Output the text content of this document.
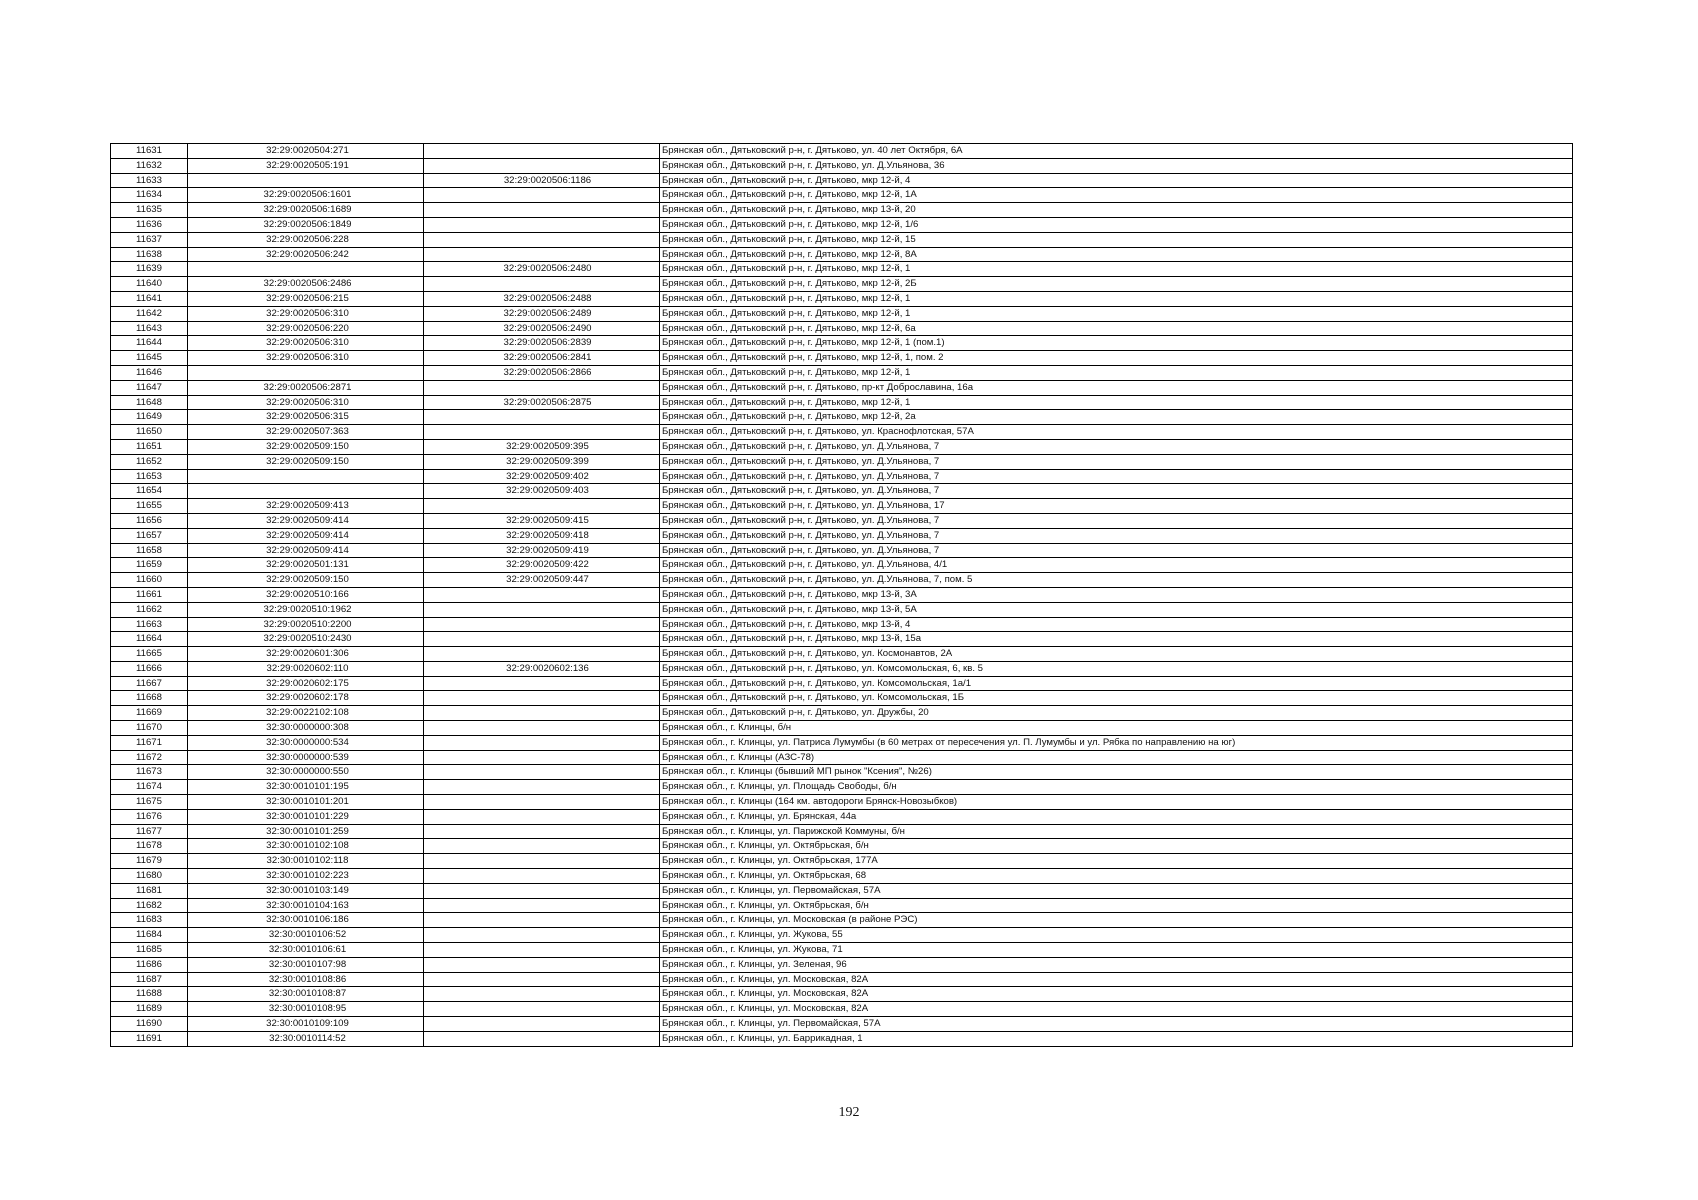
11631	32:29:0020504:271		Брянская обл., Дятьковский р-н, г. Дятьково, ул. 40 лет Октября, 6А
11632	32:29:0020505:191		Брянская обл., Дятьковский р-н, г. Дятьково, ул. Д.Ульянова, 36
11633		32:29:0020506:1186	Брянская обл., Дятьковский р-н, г. Дятьково, мкр 12-й, 4
11634	32:29:0020506:1601		Брянская обл., Дятьковский р-н, г. Дятьково, мкр 12-й, 1А
11635	32:29:0020506:1689		Брянская обл., Дятьковский р-н, г. Дятьково, мкр 13-й, 20
11636	32:29:0020506:1849		Брянская обл., Дятьковский р-н, г. Дятьково, мкр 12-й, 1/6
11637	32:29:0020506:228		Брянская обл., Дятьковский р-н, г. Дятьково, мкр 12-й, 15
11638	32:29:0020506:242		Брянская обл., Дятьковский р-н, г. Дятьково, мкр 12-й, 8А
11639		32:29:0020506:2480	Брянская обл., Дятьковский р-н, г. Дятьково, мкр 12-й, 1
11640	32:29:0020506:2486		Брянская обл., Дятьковский р-н, г. Дятьково, мкр 12-й, 2Б
11641	32:29:0020506:215	32:29:0020506:2488	Брянская обл., Дятьковский р-н, г. Дятьково, мкр 12-й, 1
11642	32:29:0020506:310	32:29:0020506:2489	Брянская обл., Дятьковский р-н, г. Дятьково, мкр 12-й, 1
11643	32:29:0020506:220	32:29:0020506:2490	Брянская обл., Дятьковский р-н, г. Дятьково, мкр 12-й, 6а
11644	32:29:0020506:310	32:29:0020506:2839	Брянская обл., Дятьковский р-н, г. Дятьково, мкр 12-й, 1 (пом.1)
11645	32:29:0020506:310	32:29:0020506:2841	Брянская обл., Дятьковский р-н, г. Дятьково, мкр 12-й, 1, пом. 2
11646		32:29:0020506:2866	Брянская обл., Дятьковский р-н, г. Дятьково, мкр 12-й, 1
11647	32:29:0020506:2871		Брянская обл., Дятьковский р-н, г. Дятьково, пр-кт Доброславина, 16а
11648	32:29:0020506:310	32:29:0020506:2875	Брянская обл., Дятьковский р-н, г. Дятьково, мкр 12-й, 1
11649	32:29:0020506:315		Брянская обл., Дятьковский р-н, г. Дятьково, мкр 12-й, 2а
11650	32:29:0020507:363		Брянская обл., Дятьковский р-н, г. Дятьково, ул. Краснофлотская, 57А
11651	32:29:0020509:150	32:29:0020509:395	Брянская обл., Дятьковский р-н, г. Дятьково, ул. Д.Ульянова, 7
11652	32:29:0020509:150	32:29:0020509:399	Брянская обл., Дятьковский р-н, г. Дятьково, ул. Д.Ульянова, 7
11653		32:29:0020509:402	Брянская обл., Дятьковский р-н, г. Дятьково, ул. Д.Ульянова, 7
11654		32:29:0020509:403	Брянская обл., Дятьковский р-н, г. Дятьково, ул. Д.Ульянова, 7
11655	32:29:0020509:413		Брянская обл., Дятьковский р-н, г. Дятьково, ул. Д.Ульянова, 17
11656	32:29:0020509:414	32:29:0020509:415	Брянская обл., Дятьковский р-н, г. Дятьково, ул. Д.Ульянова, 7
11657	32:29:0020509:414	32:29:0020509:418	Брянская обл., Дятьковский р-н, г. Дятьково, ул. Д.Ульянова, 7
11658	32:29:0020509:414	32:29:0020509:419	Брянская обл., Дятьковский р-н, г. Дятьково, ул. Д.Ульянова, 7
11659	32:29:0020501:131	32:29:0020509:422	Брянская обл., Дятьковский р-н, г. Дятьково, ул. Д.Ульянова, 4/1
11660	32:29:0020509:150	32:29:0020509:447	Брянская обл., Дятьковский р-н, г. Дятьково, ул. Д.Ульянова, 7, пом. 5
11661	32:29:0020510:166		Брянская обл., Дятьковский р-н, г. Дятьково, мкр 13-й, 3А
11662	32:29:0020510:1962		Брянская обл., Дятьковский р-н, г. Дятьково, мкр 13-й, 5А
11663	32:29:0020510:2200		Брянская обл., Дятьковский р-н, г. Дятьково, мкр 13-й, 4
11664	32:29:0020510:2430		Брянская обл., Дятьковский р-н, г. Дятьково, мкр 13-й, 15а
11665	32:29:0020601:306		Брянская обл., Дятьковский р-н, г. Дятьково, ул. Космонавтов, 2А
11666	32:29:0020602:110	32:29:0020602:136	Брянская обл., Дятьковский р-н, г. Дятьково, ул. Комсомольская, 6, кв. 5
11667	32:29:0020602:175		Брянская обл., Дятьковский р-н, г. Дятьково, ул. Комсомольская, 1а/1
11668	32:29:0020602:178		Брянская обл., Дятьковский р-н, г. Дятьково, ул. Комсомольская, 1Б
11669	32:29:0022102:108		Брянская обл., Дятьковский р-н, г. Дятьково, ул. Дружбы, 20
11670	32:30:0000000:308		Брянская обл., г. Клинцы, б/н
11671	32:30:0000000:534		Брянская обл., г. Клинцы, ул. Патриса Лумумбы (в 60 метрах от пересечения ул. П. Лумумбы и ул. Рябка по направлению на юг)
11672	32:30:0000000:539		Брянская обл., г. Клинцы (АЗС-78)
11673	32:30:0000000:550		Брянская обл., г. Клинцы (бывший МП рынок "Ксения", №26)
11674	32:30:0010101:195		Брянская обл., г. Клинцы, ул. Площадь Свободы, б/н
11675	32:30:0010101:201		Брянская обл., г. Клинцы (164 км. автодороги Брянск-Новозыбков)
11676	32:30:0010101:229		Брянская обл., г. Клинцы, ул. Брянская, 44а
11677	32:30:0010101:259		Брянская обл., г. Клинцы, ул. Парижской Коммуны, б/н
11678	32:30:0010102:108		Брянская обл., г. Клинцы, ул. Октябрьская, б/н
11679	32:30:0010102:118		Брянская обл., г. Клинцы, ул. Октябрьская, 177А
11680	32:30:0010102:223		Брянская обл., г. Клинцы, ул. Октябрьская, 68
11681	32:30:0010103:149		Брянская обл., г. Клинцы, ул. Первомайская, 57А
11682	32:30:0010104:163		Брянская обл., г. Клинцы, ул. Октябрьская, б/н
11683	32:30:0010106:186		Брянская обл., г. Клинцы, ул. Московская (в районе РЭС)
11684	32:30:0010106:52		Брянская обл., г. Клинцы, ул. Жукова, 55
11685	32:30:0010106:61		Брянская обл., г. Клинцы, ул. Жукова, 71
11686	32:30:0010107:98		Брянская обл., г. Клинцы, ул. Зеленая, 96
11687	32:30:0010108:86		Брянская обл., г. Клинцы, ул. Московская, 82А
11688	32:30:0010108:87		Брянская обл., г. Клинцы, ул. Московская, 82А
11689	32:30:0010108:95		Брянская обл., г. Клинцы, ул. Московская, 82А
11690	32:30:0010109:109		Брянская обл., г. Клинцы, ул. Первомайская, 57А
11691	32:30:0010114:52		Брянская обл., г. Клинцы, ул. Баррикадная, 1
192
